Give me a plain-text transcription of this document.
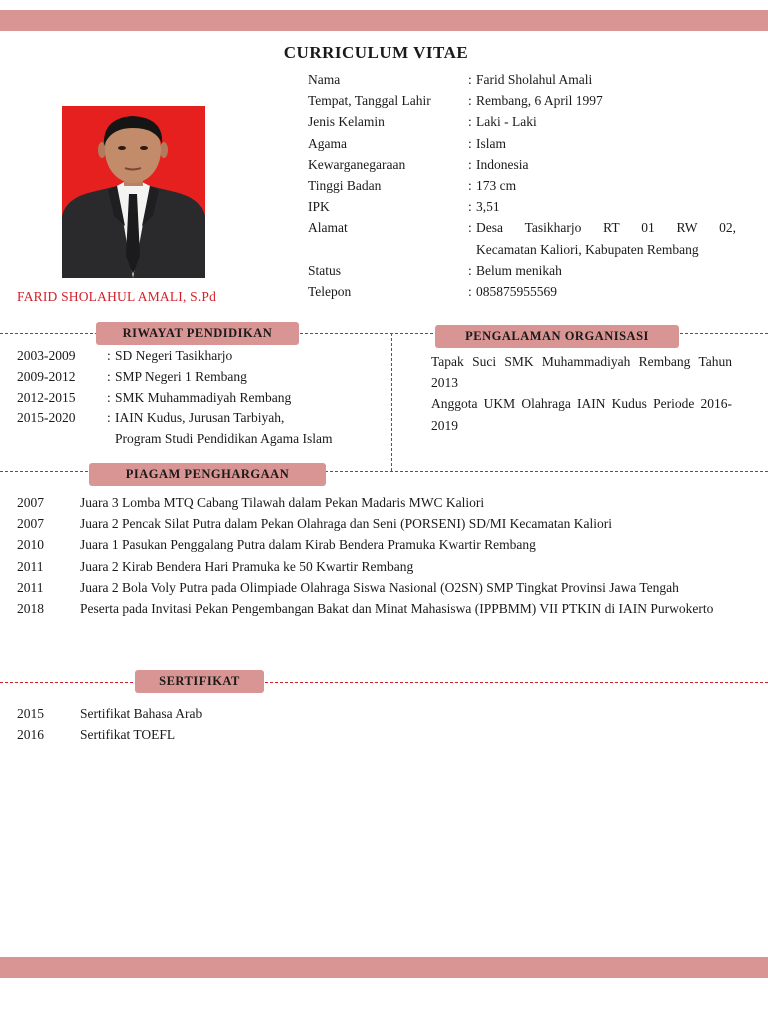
CURRICULUM VITAE
FARID SHOLAHUL AMALI, S.Pd
Nama	: Farid Sholahul Amali
Tempat, Tanggal Lahir	: Rembang, 6 April 1997
Jenis Kelamin	: Laki - Laki
Agama	: Islam
Kewarganegaraan	: Indonesia
Tinggi Badan	: 173 cm
IPK	: 3,51
Alamat	: Desa Tasikharjo RT 01 RW 02,
Kecamatan Kaliori, Kabupaten Rembang
Status	: Belum menikah
Telepon	: 085875955569
RIWAYAT PENDIDIKAN	PENGALAMAN ORGANISASI
2003-2009	: SD Negeri Tasikharjo
2009-2012	: SMP Negeri 1 Rembang
2012-2015	: SMK Muhammadiyah Rembang
2015-2020	: IAIN Kudus, Jurusan Tarbiyah,
Program Studi Pendidikan Agama Islam
Tapak Suci SMK Muhammadiyah Rembang Tahun 2013
Anggota UKM Olahraga IAIN Kudus Periode 2016-2019
PIAGAM PENGHARGAAN
2007	Juara 3 Lomba MTQ Cabang Tilawah dalam Pekan Madaris MWC Kaliori
2007	Juara 2 Pencak Silat Putra dalam Pekan Olahraga dan Seni (PORSENI) SD/MI Kecamatan Kaliori
2010	Juara 1 Pasukan Penggalang Putra dalam Kirab Bendera Pramuka Kwartir Rembang
2011	Juara 2 Kirab Bendera Hari Pramuka ke 50 Kwartir Rembang
2011	Juara 2 Bola Voly Putra pada Olimpiade Olahraga Siswa Nasional (O2SN) SMP Tingkat Provinsi Jawa Tengah
2018	Peserta pada Invitasi Pekan Pengembangan Bakat dan Minat Mahasiswa (IPPBMM) VII PTKIN di IAIN Purwokerto
SERTIFIKAT
2015	Sertifikat Bahasa Arab
2016	Sertifikat TOEFL
